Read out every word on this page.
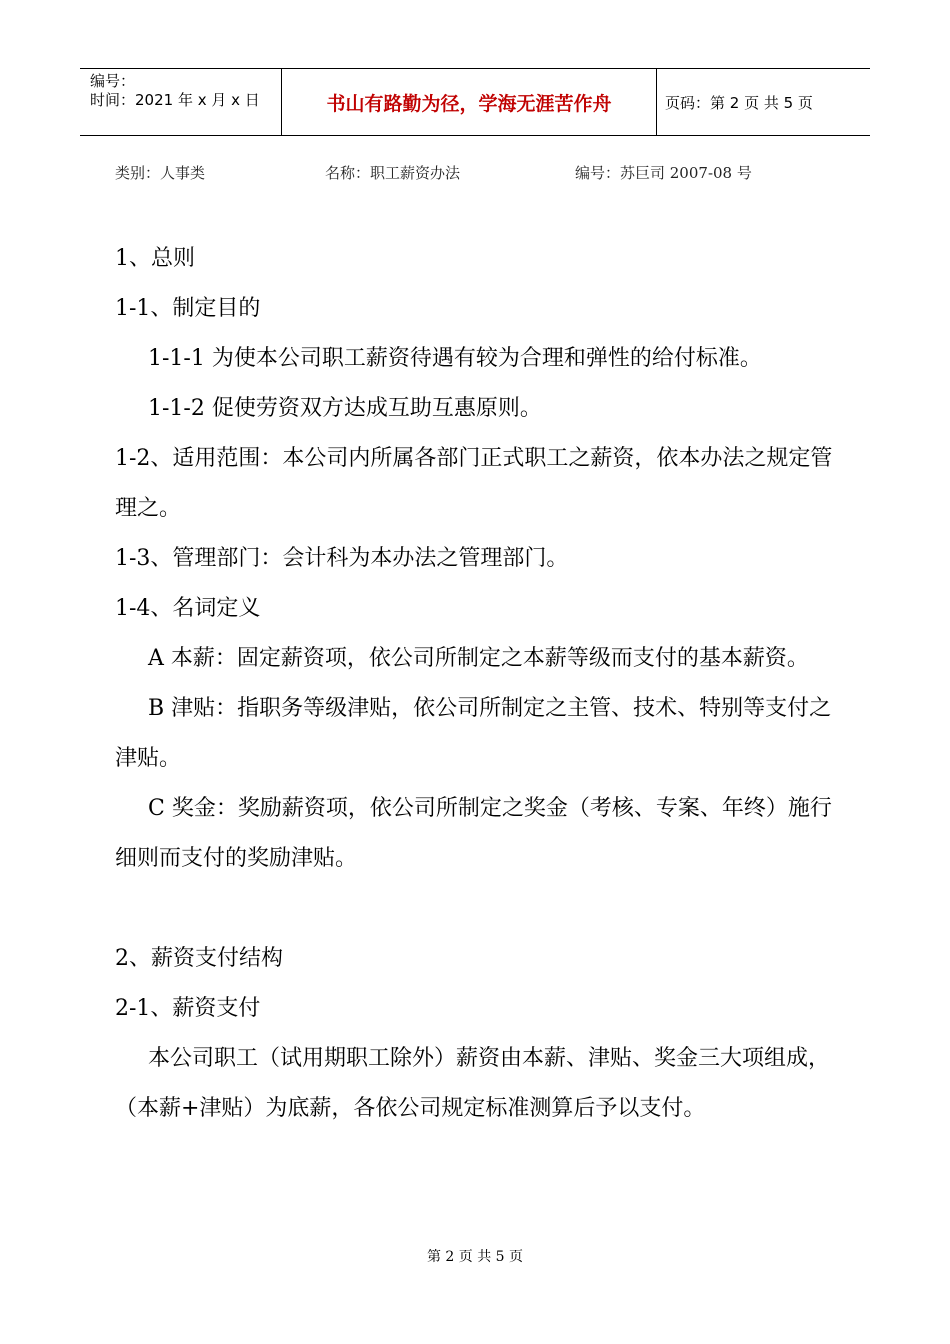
编号：
时间：2021 年 x 月 x 日	书山有路勤为径，学海无涯苦作舟	页码：第 2 页 共 5 页
类别：人事类	名称：职工薪资办法	编号：苏巨司 2007-08 号

1、总则

1-1、制定目的

1-1-1 为使本公司职工薪资待遇有较为合理和弹性的给付标准。

1-1-2 促使劳资双方达成互助互惠原则。

1-2、适用范围：本公司内所属各部门正式职工之薪资，依本办法之规定管理之。

1-3、管理部门：会计科为本办法之管理部门。

1-4、名词定义

A 本薪：固定薪资项，依公司所制定之本薪等级而支付的基本薪资。

B 津贴：指职务等级津贴，依公司所制定之主管、技术、特别等支付之津贴。

C 奖金：奖励薪资项，依公司所制定之奖金（考核、专案、年终）施行细则而支付的奖励津贴。

2、薪资支付结构

2-1、薪资支付

本公司职工（试用期职工除外）薪资由本薪、津贴、奖金三大项组成，（本薪+津贴）为底薪，各依公司规定标准测算后予以支付。

第 2 页 共 5 页
